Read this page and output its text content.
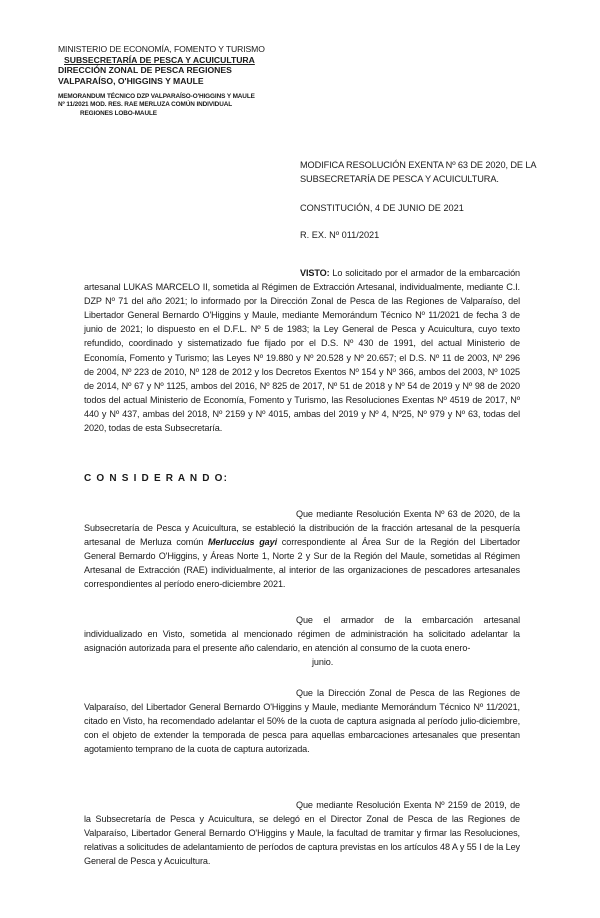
MINISTERIO DE ECONOMÍA, FOMENTO Y TURISMO
SUBSECRETARÍA DE PESCA Y ACUICULTURA
DIRECCIÓN ZONAL DE PESCA REGIONES
VALPARAÍSO, O'HIGGINS Y MAULE
MEMORANDUM TÉCNICO DZP VALPARAÍSO-O'HIGGINS Y MAULE
Nº 11/2021 MOD. RES. RAE MERLUZA COMÚN INDIVIDUAL
REGIONES LOBO-MAULE
MODIFICA RESOLUCIÓN EXENTA Nº 63 DE 2020, DE LA SUBSECRETARÍA DE PESCA Y ACUICULTURA.
CONSTITUCIÓN, 4 DE JUNIO DE 2021
R. EX. Nº 011/2021
VISTO: Lo solicitado por el armador de la embarcación artesanal LUKAS MARCELO II, sometida al Régimen de Extracción Artesanal, individualmente, mediante C.I. DZP Nº 71 del año 2021; lo informado por la Dirección Zonal de Pesca de las Regiones de Valparaíso, del Libertador General Bernardo O'Higgins y Maule, mediante Memorándum Técnico Nº 11/2021 de fecha 3 de junio de 2021; lo dispuesto en el D.F.L. Nº 5 de 1983; la Ley General de Pesca y Acuicultura, cuyo texto refundido, coordinado y sistematizado fue fijado por el D.S. Nº 430 de 1991, del actual Ministerio de Economía, Fomento y Turismo; las Leyes Nº 19.880 y Nº 20.528 y Nº 20.657; el D.S. Nº 11 de 2003, Nº 296 de 2004, Nº 223 de 2010, Nº 128 de 2012 y los Decretos Exentos Nº 154 y Nº 366, ambos del 2003, Nº 1025 de 2014, Nº 67 y Nº 1125, ambos del 2016, Nº 825 de 2017, Nº 51 de 2018 y Nº 54 de 2019 y Nº 98 de 2020 todos del actual Ministerio de Economía, Fomento y Turismo, las Resoluciones Exentas Nº 4519 de 2017, Nº 440 y Nº 437, ambas del 2018, Nº 2159 y Nº 4015, ambas del 2019 y Nº 4, Nº25, Nº 979 y Nº 63, todas del 2020, todas de esta Subsecretaría.
C O N S I D E R A N D O:
Que mediante Resolución Exenta Nº 63 de 2020, de la Subsecretaría de Pesca y Acuicultura, se estableció la distribución de la fracción artesanal de la pesquería artesanal de Merluza común Merluccius gayi correspondiente al Área Sur de la Región del Libertador General Bernardo O'Higgins, y Áreas Norte 1, Norte 2 y Sur de la Región del Maule, sometidas al Régimen Artesanal de Extracción (RAE) individualmente, al interior de las organizaciones de pescadores artesanales correspondientes al período enero-diciembre 2021.
Que el armador de la embarcación artesanal individualizado en Visto, sometida al mencionado régimen de administración ha solicitado adelantar la asignación autorizada para el presente año calendario, en atención al consumo de la cuota enero-
junio.
Que la Dirección Zonal de Pesca de las Regiones de Valparaíso, del Libertador General Bernardo O'Higgins y Maule, mediante Memorándum Técnico Nº 11/2021, citado en Visto, ha recomendado adelantar el 50% de la cuota de captura asignada al período julio-diciembre, con el objeto de extender la temporada de pesca para aquellas embarcaciones artesanales que presentan agotamiento temprano de la cuota de captura autorizada.
Que mediante Resolución Exenta Nº 2159 de 2019, de la Subsecretaría de Pesca y Acuicultura, se delegó en el Director Zonal de Pesca de las Regiones de Valparaíso, Libertador General Bernardo O'Higgins y Maule, la facultad de tramitar y firmar las Resoluciones, relativas a solicitudes de adelantamiento de períodos de captura previstas en los artículos 48 A y 55 I de la Ley General de Pesca y Acuicultura.
